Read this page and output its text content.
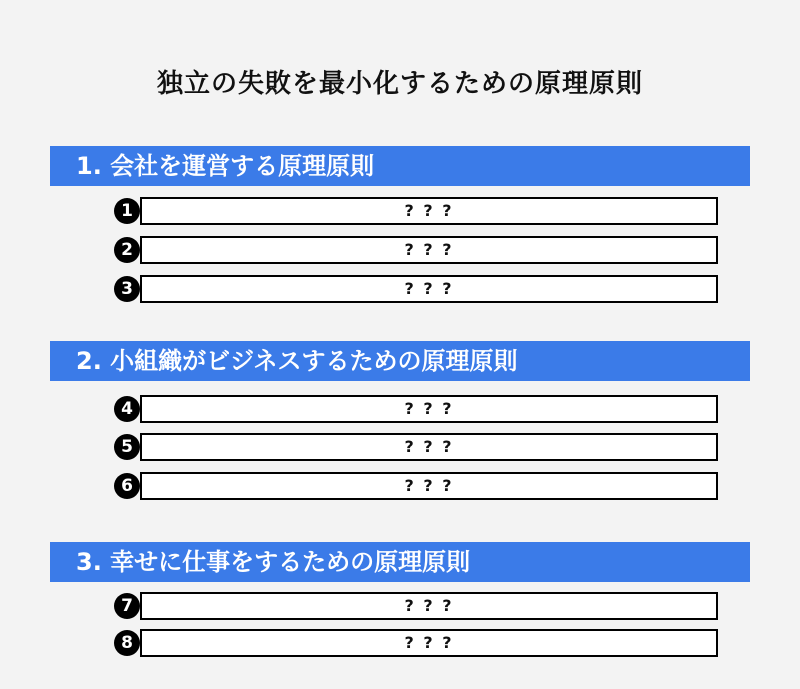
独立の失敗を最小化するための原理原則
1. 会社を運営する原理原則
1	? ? ?
2	? ? ?
3	? ? ?
2. 小組織がビジネスするための原理原則
4	? ? ?
5	? ? ?
6	? ? ?
3. 幸せに仕事をするための原理原則
7	? ? ?
8	? ? ?
